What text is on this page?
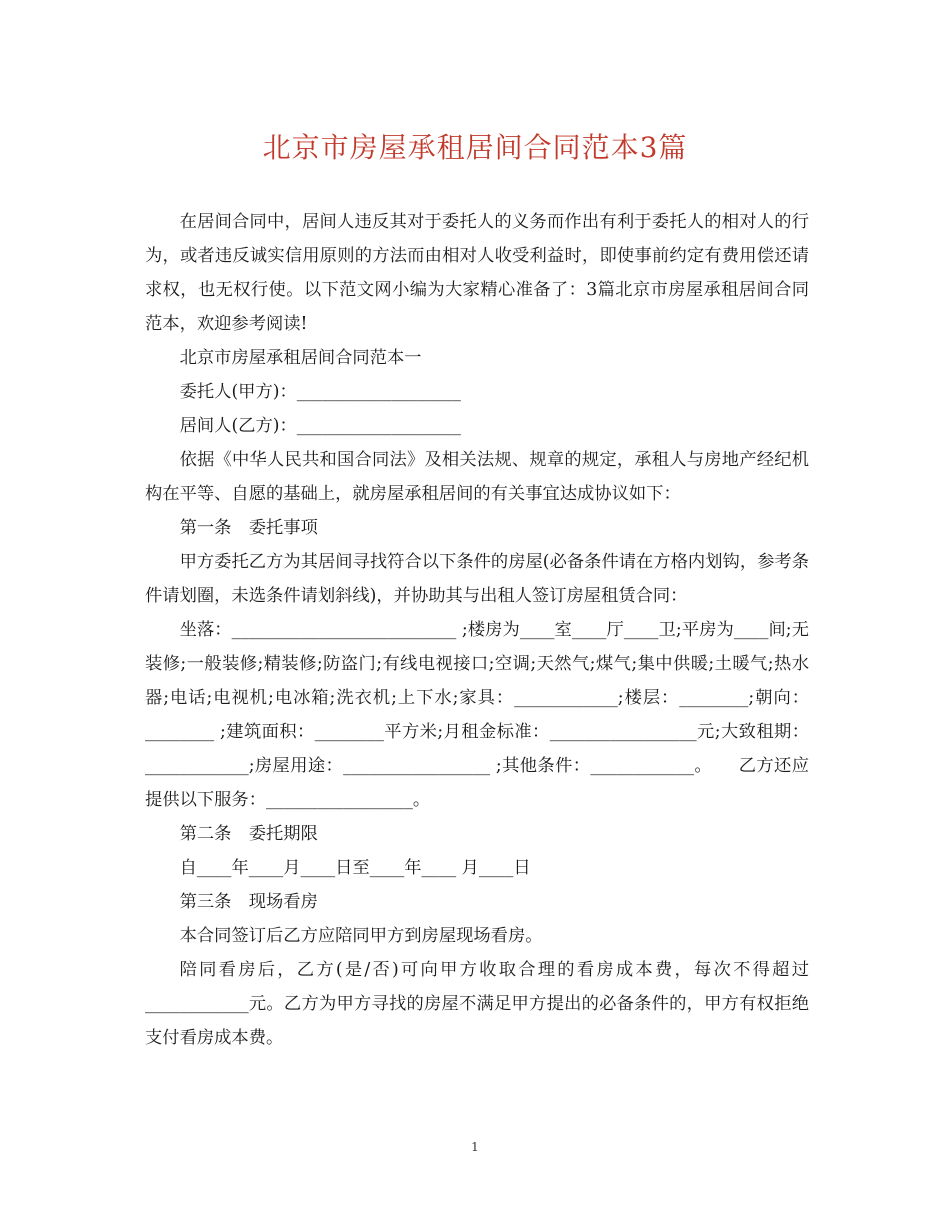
北京市房屋承租居间合同范本3篇

在居间合同中，居间人违反其对于委托人的义务而作出有利于委托人的相对人的行为，或者违反诚实信用原则的方法而由相对人收受利益时，即使事前约定有费用偿还请求权，也无权行使。以下范文网小编为大家精心准备了：3篇北京市房屋承租居间合同范本，欢迎参考阅读!

北京市房屋承租居间合同范本一

委托人(甲方)：___________________

居间人(乙方)：___________________

依据《中华人民共和国合同法》及相关法规、规章的规定，承租人与房地产经纪机构在平等、自愿的基础上，就房屋承租居间的有关事宜达成协议如下：

第一条　委托事项

甲方委托乙方为其居间寻找符合以下条件的房屋(必备条件请在方格内划钩，参考条件请划圈，未选条件请划斜线)，并协助其与出租人签订房屋租赁合同：

坐落：__________________________ ;楼房为____室____厅____卫;平房为____间;无装修;一般装修;精装修;防盗门;有线电视接口;空调;天然气;煤气;集中供暖;土暖气;热水器;电话;电视机;电冰箱;洗衣机;上下水;家具：____________;楼层：________;朝向：________ ;建筑面积：________平方米;月租金标准：_________________元;大致租期：____________;房屋用途：_________________ ;其他条件：____________。　　乙方还应提供以下服务：_________________。

第二条　委托期限

自____年____月____日至____年____ 月____日

第三条　现场看房

本合同签订后乙方应陪同甲方到房屋现场看房。

陪同看房后，乙方(是/否)可向甲方收取合理的看房成本费，每次不得超过____________元。乙方为甲方寻找的房屋不满足甲方提出的必备条件的，甲方有权拒绝支付看房成本费。

1
